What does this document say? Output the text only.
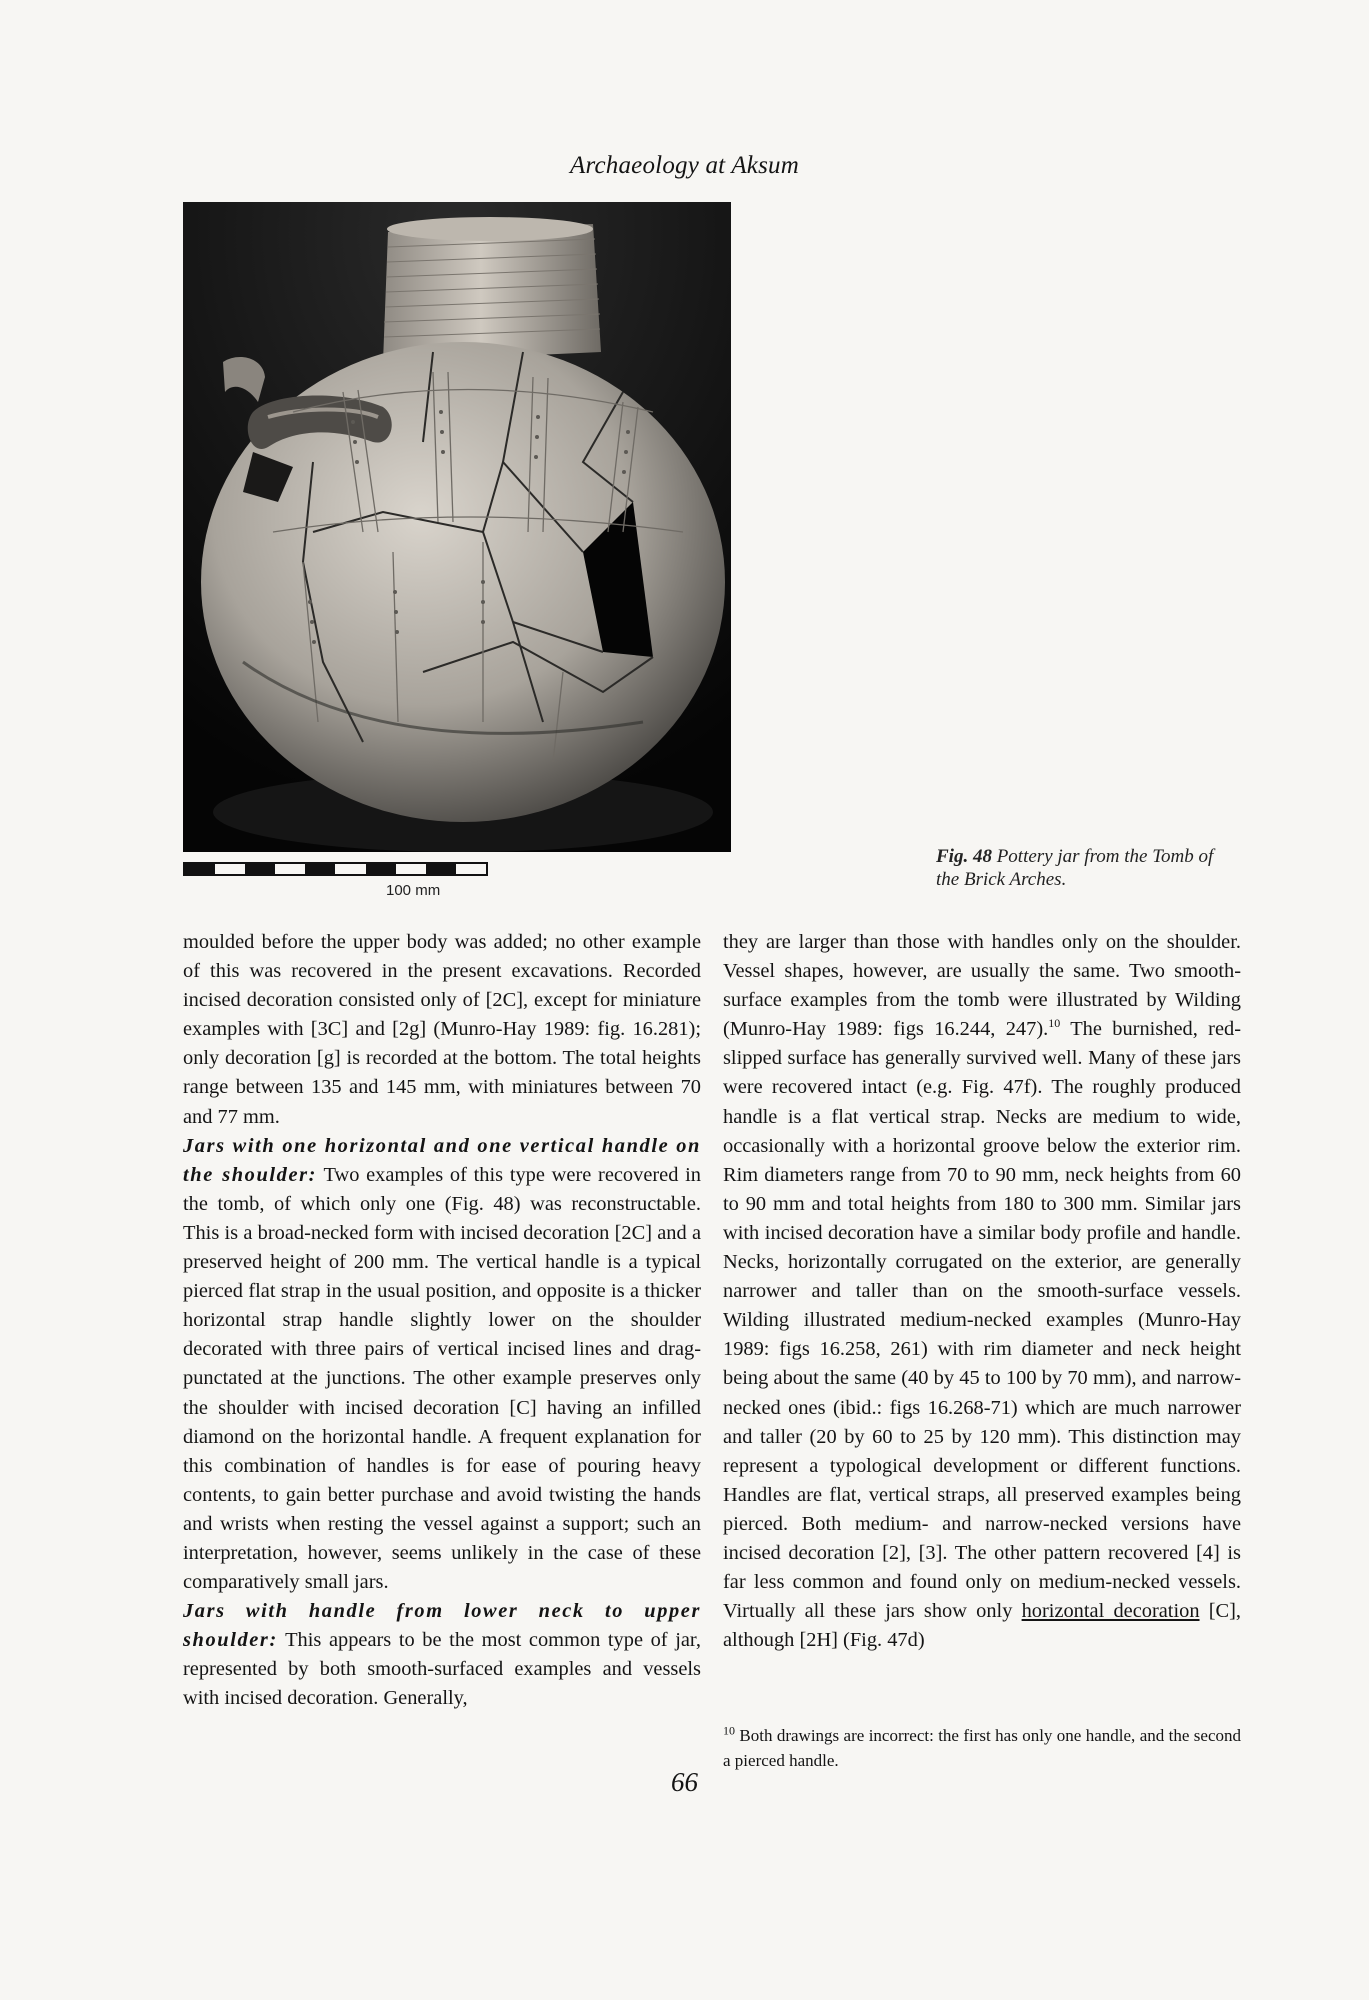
Archaeology at Aksum
100 mm
Fig. 48 Pottery jar from the Tomb of the Brick Arches.

moulded before the upper body was added; no other example of this was recovered in the present excavations. Recorded incised decoration consisted only of [2C], except for miniature examples with [3C] and [2g] (Munro-Hay 1989: fig. 16.281); only decoration [g] is recorded at the bottom. The total heights range between 135 and 145 mm, with miniatures between 70 and 77 mm.

Jars with one horizontal and one vertical handle on the shoulder: Two examples of this type were recovered in the tomb, of which only one (Fig. 48) was reconstructable. This is a broad-necked form with incised decoration [2C] and a preserved height of 200 mm. The vertical handle is a typical pierced flat strap in the usual position, and opposite is a thicker horizontal strap handle slightly lower on the shoulder decorated with three pairs of vertical incised lines and drag-punctated at the junctions. The other example preserves only the shoulder with incised decoration [C] having an infilled diamond on the horizontal handle. A frequent explanation for this combination of handles is for ease of pouring heavy contents, to gain better purchase and avoid twisting the hands and wrists when resting the vessel against a support; such an interpretation, however, seems unlikely in the case of these comparatively small jars.

Jars with handle from lower neck to upper shoulder: This appears to be the most common type of jar, represented by both smooth-surfaced examples and vessels with incised decoration. Generally,

they are larger than those with handles only on the shoulder. Vessel shapes, however, are usually the same. Two smooth-surface examples from the tomb were illustrated by Wilding (Munro-Hay 1989: figs 16.244, 247).$^{10}$ The burnished, red-slipped surface has generally survived well. Many of these jars were recovered intact (e.g. Fig. 47f). The roughly produced handle is a flat vertical strap. Necks are medium to wide, occasionally with a horizontal groove below the exterior rim. Rim diameters range from 70 to 90 mm, neck heights from 60 to 90 mm and total heights from 180 to 300 mm. Similar jars with incised decoration have a similar body profile and handle. Necks, horizontally corrugated on the exterior, are generally narrower and taller than on the smooth-surface vessels. Wilding illustrated medium-necked examples (Munro-Hay 1989: figs 16.258, 261) with rim diameter and neck height being about the same (40 by 45 to 100 by 70 mm), and narrow-necked ones (ibid.: figs 16.268-71) which are much narrower and taller (20 by 60 to 25 by 120 mm). This distinction may represent a typological development or different functions. Handles are flat, vertical straps, all preserved examples being pierced. Both medium- and narrow-necked versions have incised decoration [2], [3]. The other pattern recovered [4] is far less common and found only on medium-necked vessels. Virtually all these jars show only horizontal decoration [C], although [2H] (Fig. 47d)

$^{10}$ Both drawings are incorrect: the first has only one handle, and the second a pierced handle.
66
